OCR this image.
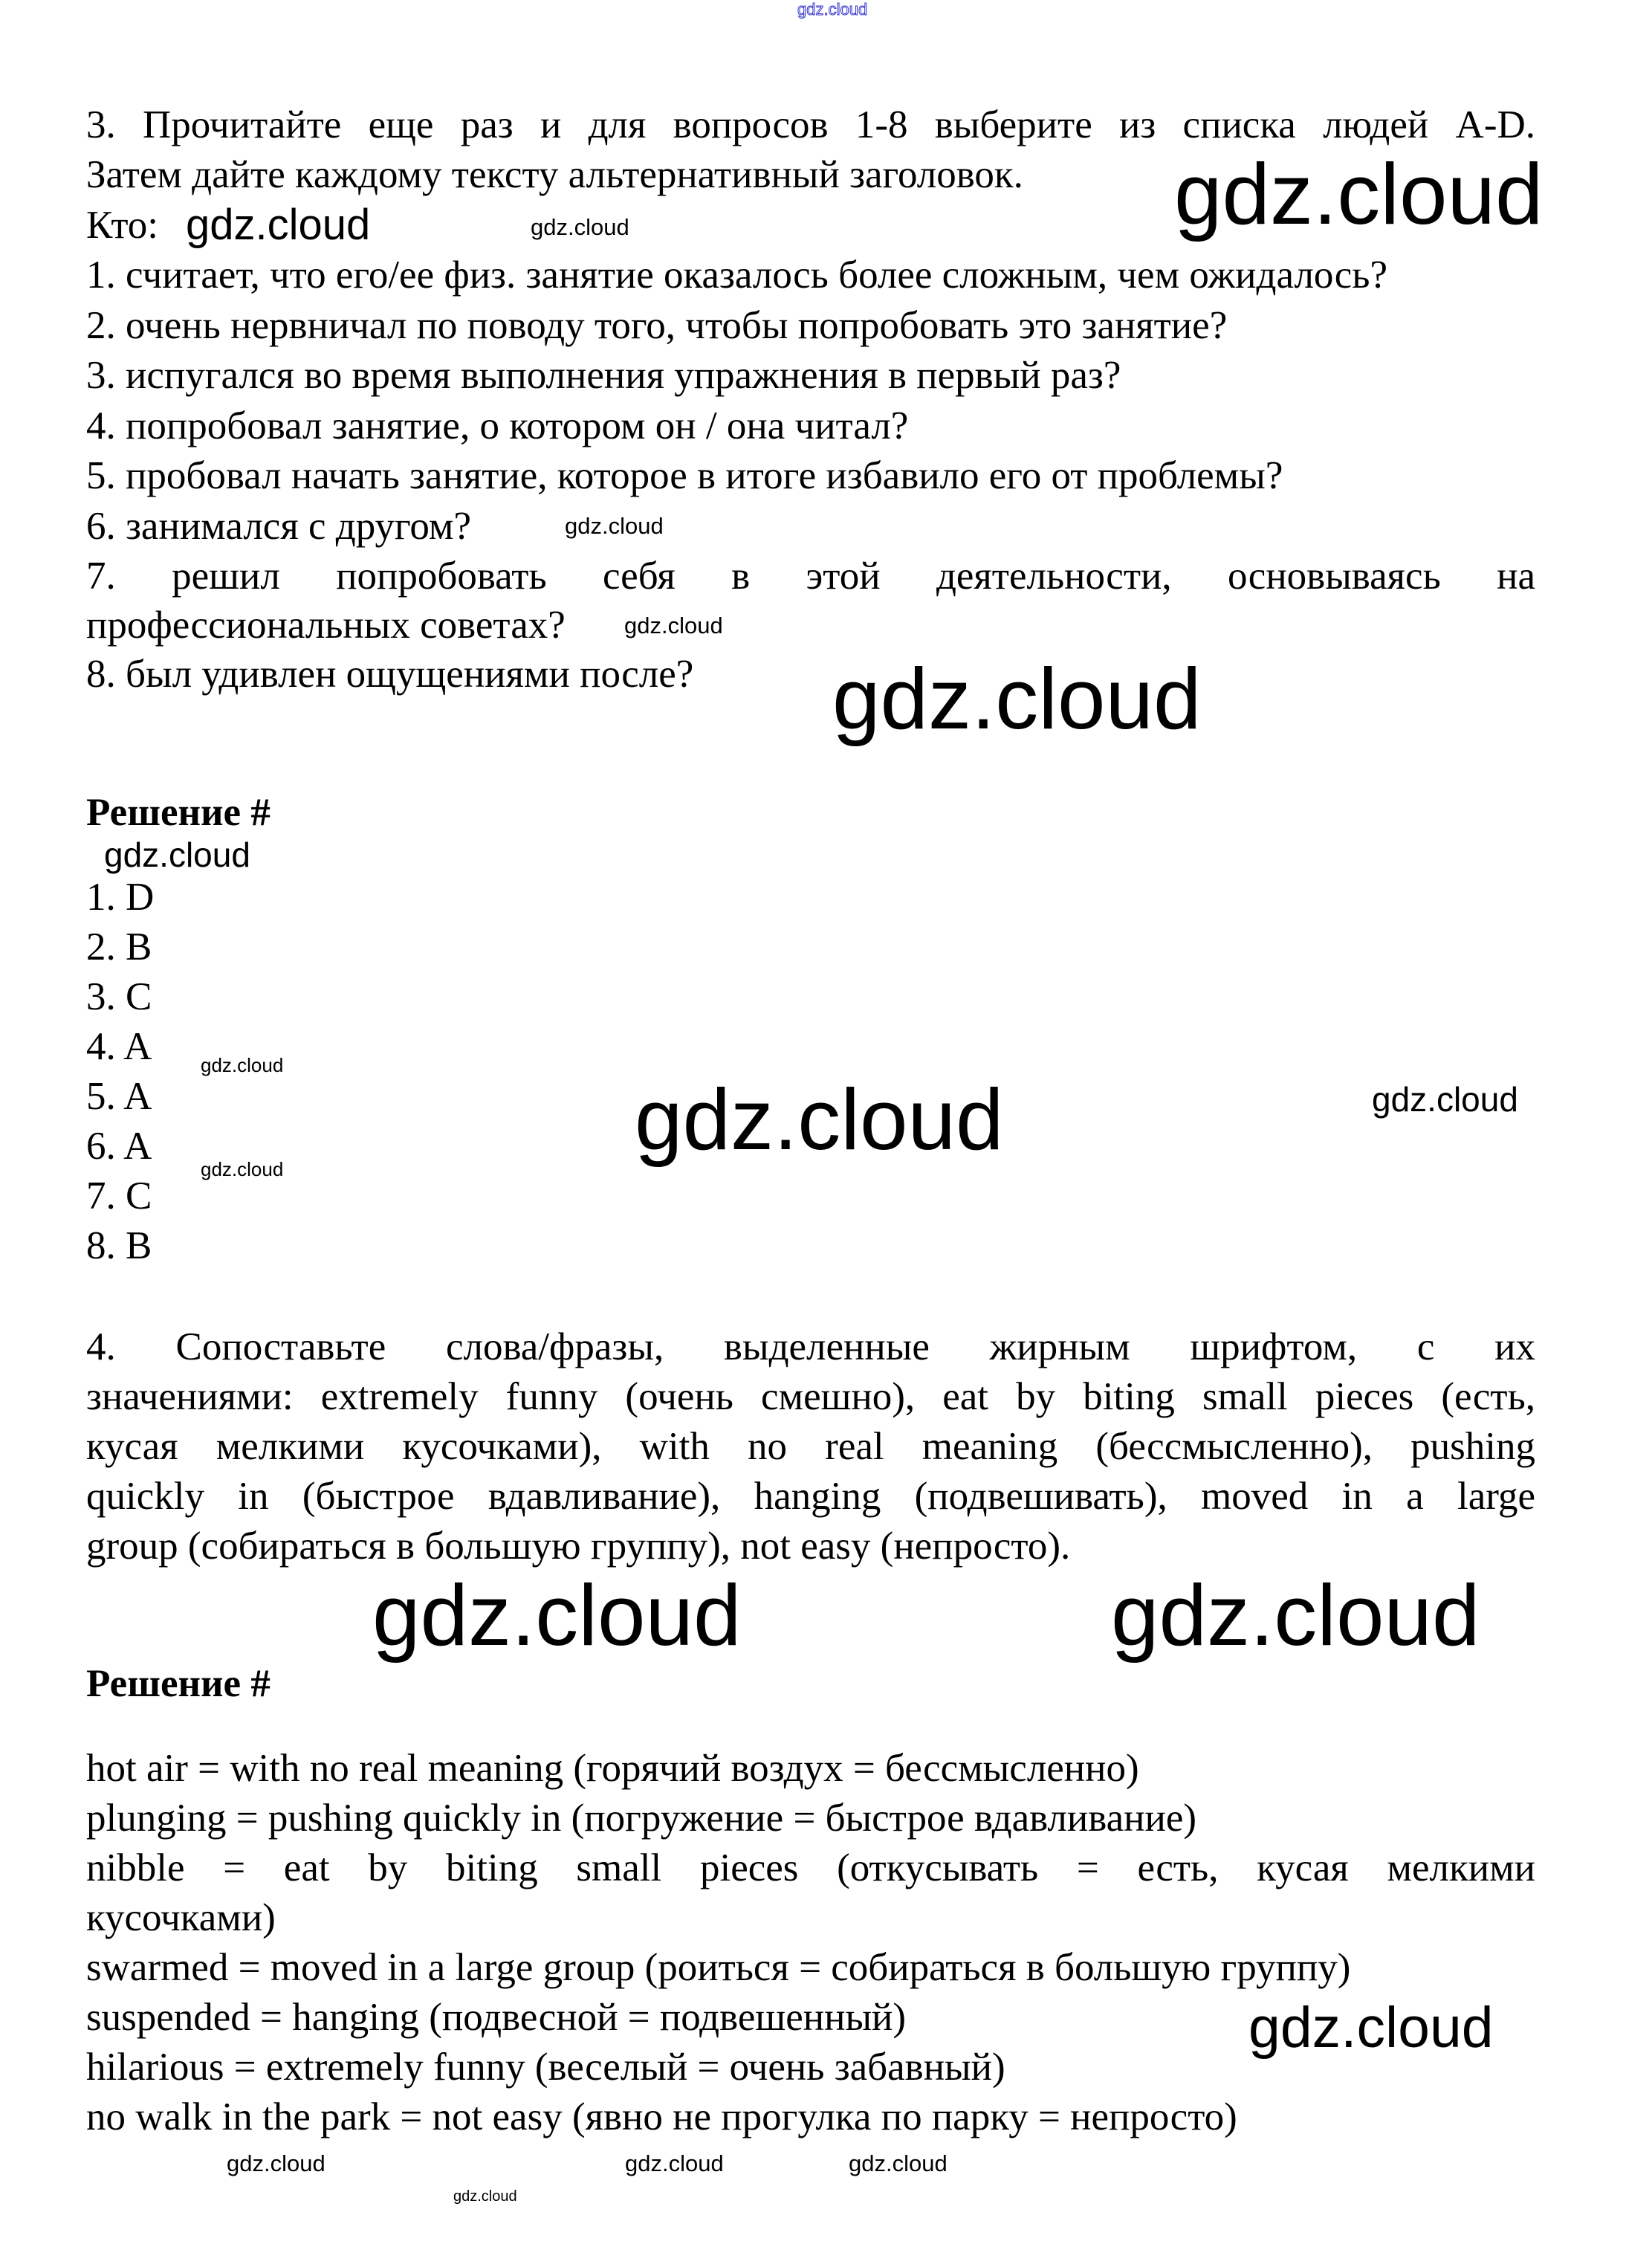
gdz.cloud
3. Прочитайте еще раз и для вопросов 1-8 выберите из списка людей A-D.
Затем дайте каждому тексту альтернативный заголовок.
Кто:
1. считает, что его/ее физ. занятие оказалось более сложным, чем ожидалось?
2. очень нервничал по поводу того, чтобы попробовать это занятие?
3. испугался во время выполнения упражнения в первый раз?
4. попробовал занятие, о котором он / она читал?
5. пробовал начать занятие, которое в итоге избавило его от проблемы?
6. занимался с другом?
7. решил попробовать себя в этой деятельности, основываясь на
профессиональных советах?
8. был удивлен ощущениями после?
Решение #
1. D
2. B
3. C
4. A
5. A
6. A
7. C
8. B
4. Сопоставьте слова/фразы, выделенные жирным шрифтом, с их
значениями: extremely funny (очень смешно), eat by biting small pieces (есть,
кусая мелкими кусочками), with no real meaning (бессмысленно), pushing
quickly in (быстрое вдавливание), hanging (подвешивать), moved in a large
group (собираться в большую группу), not easy (непросто).
Решение #
hot air = with no real meaning (горячий воздух = бессмысленно)
plunging = pushing quickly in (погружение = быстрое вдавливание)
nibble = eat by biting small pieces (откусывать = есть, кусая мелкими
кусочками)
swarmed = moved in a large group (роиться = собираться в большую группу)
suspended = hanging (подвесной = подвешенный)
hilarious = extremely funny (веселый = очень забавный)
no walk in the park = not easy (явно не прогулка по парку = непросто)
gdz.cloud
gdz.cloud
gdz.cloud
gdz.cloud
gdz.cloud
gdz.cloud
gdz.cloud
gdz.cloud
gdz.cloud	gdz.cloud
gdz.cloud
gdz.cloud	gdz.cloud
gdz.cloud
gdz.cloud	gdz.cloud	gdz.cloud
gdz.cloud
